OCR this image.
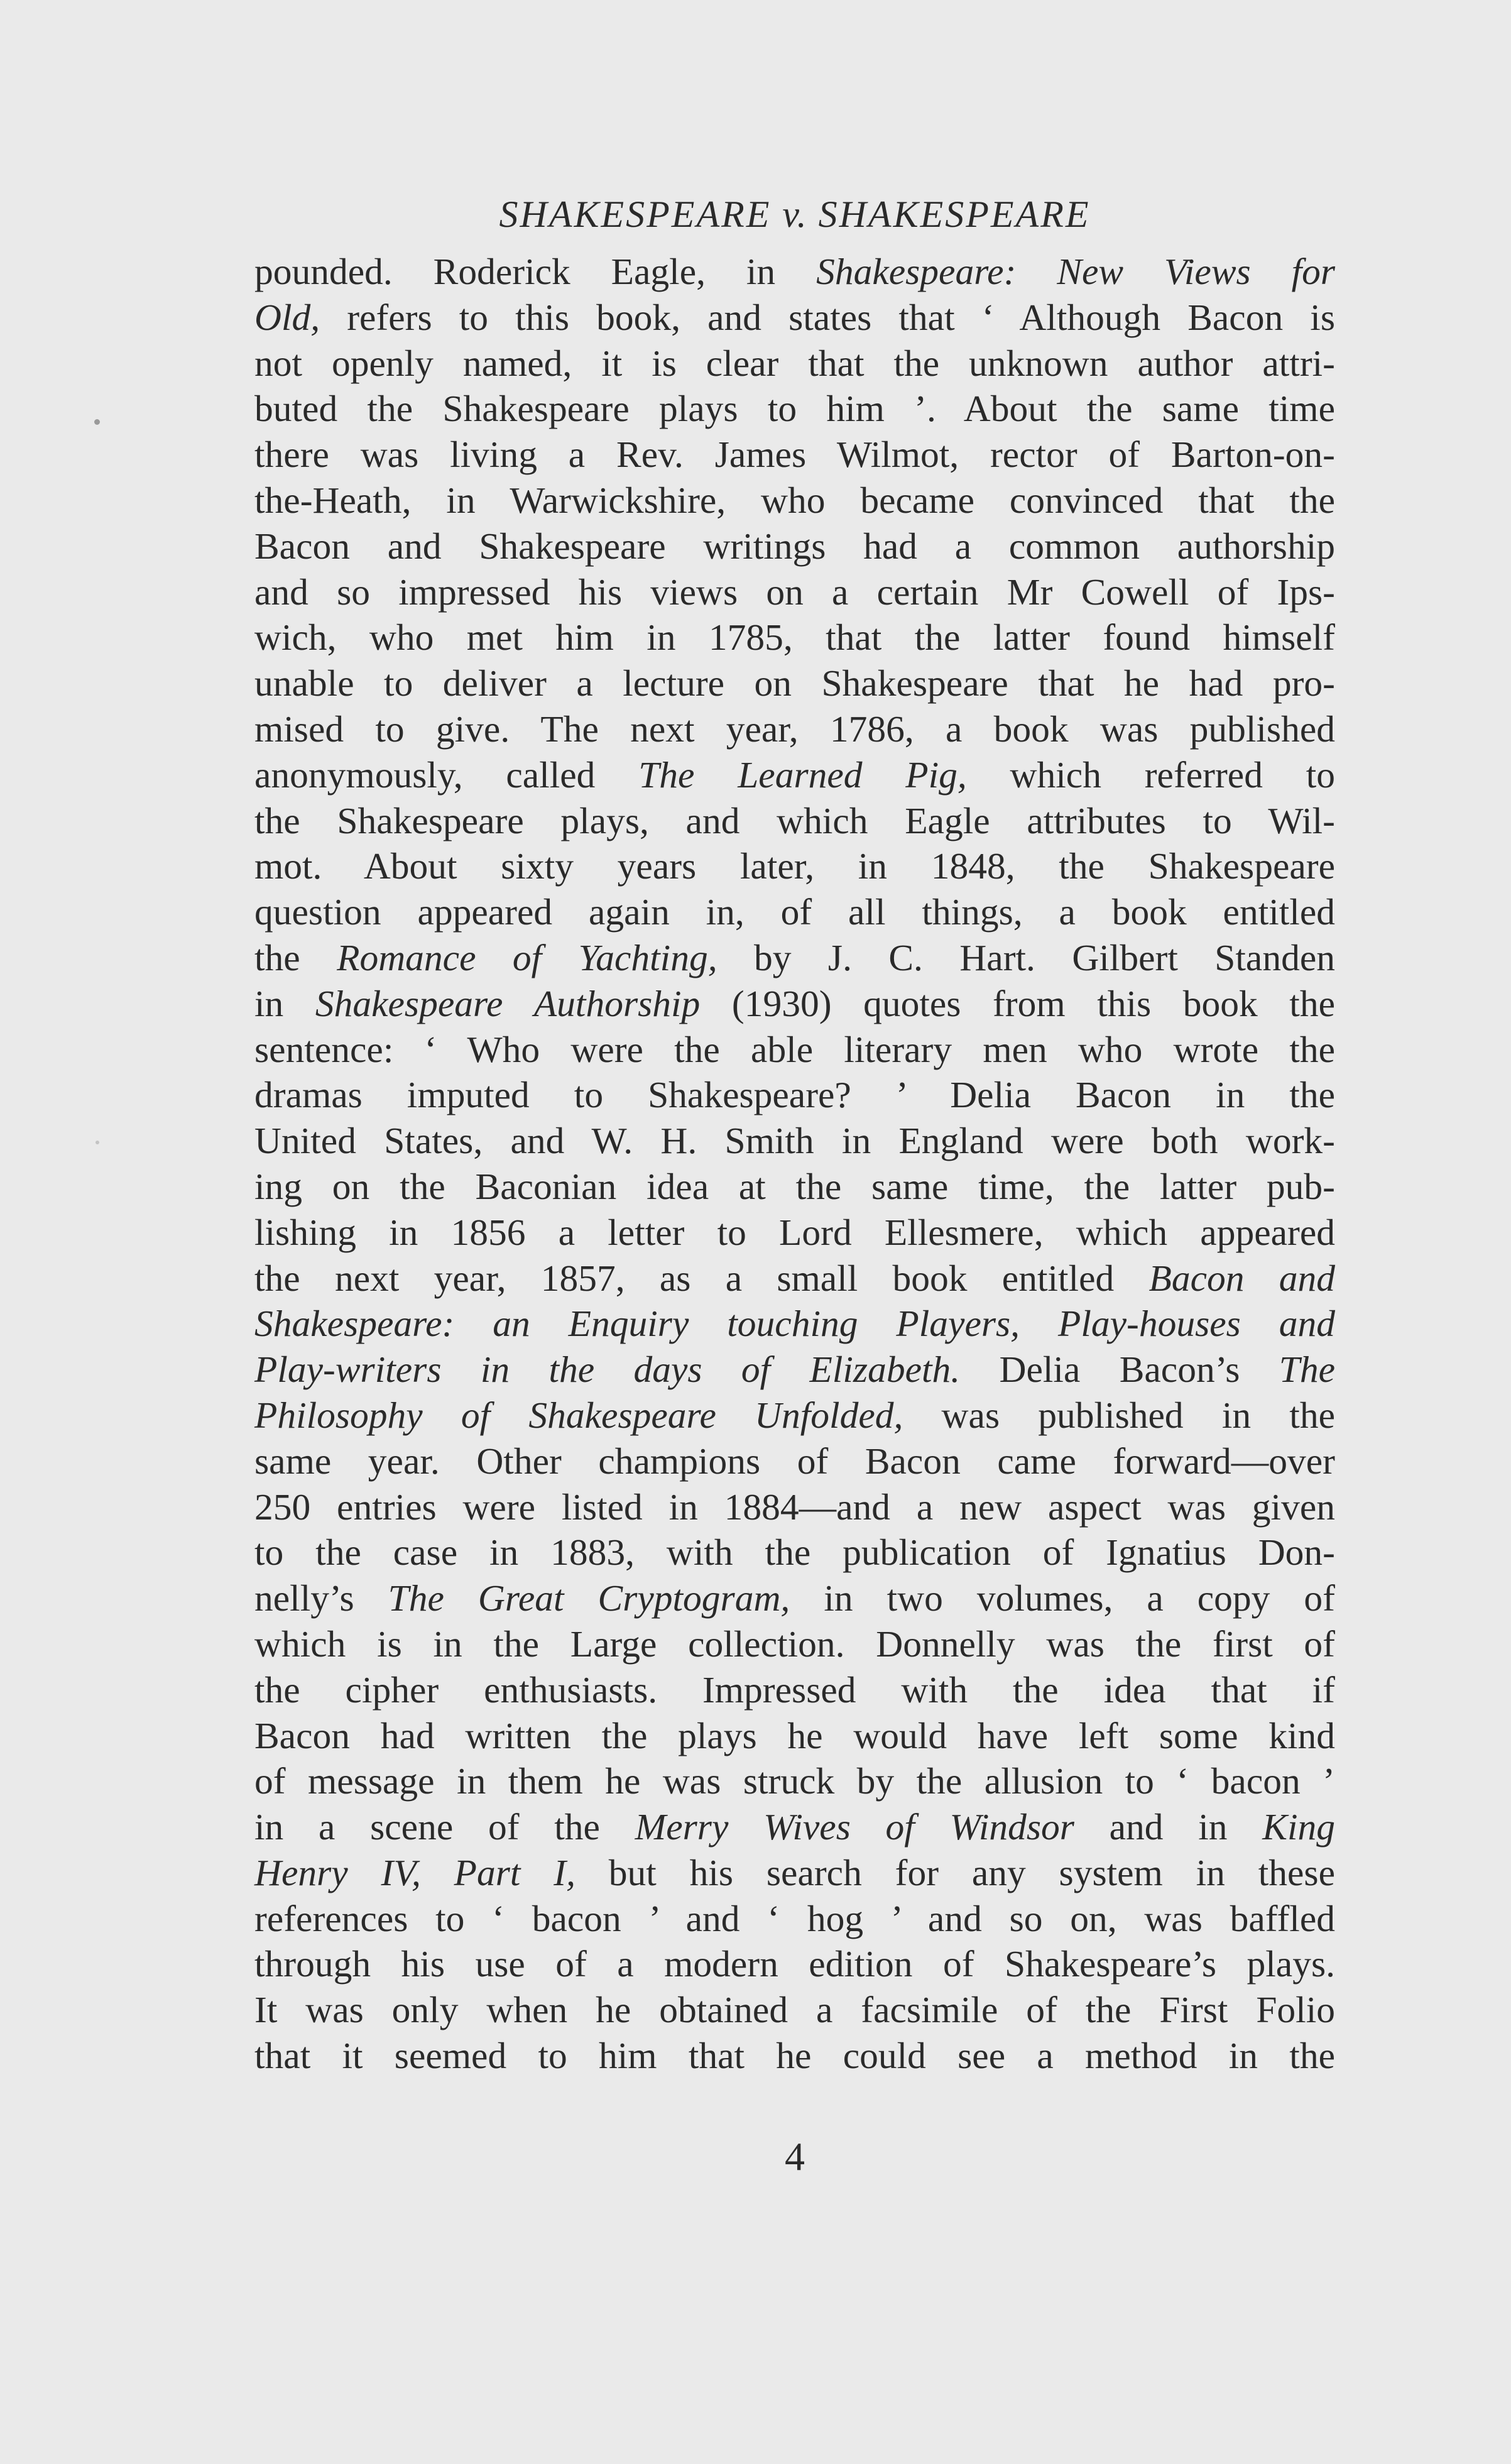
SHAKESPEARE v. SHAKESPEARE
pounded. Roderick Eagle, in Shakespeare: New Views for
Old, refers to this book, and states that ‘ Although Bacon is
not openly named, it is clear that the unknown author attri-
buted the Shakespeare plays to him ’. About the same time
there was living a Rev. James Wilmot, rector of Barton-on-
the-Heath, in Warwickshire, who became convinced that the
Bacon and Shakespeare writings had a common authorship
and so impressed his views on a certain Mr Cowell of Ips-
wich, who met him in 1785, that the latter found himself
unable to deliver a lecture on Shakespeare that he had pro-
mised to give. The next year, 1786, a book was published
anonymously, called The Learned Pig, which referred to
the Shakespeare plays, and which Eagle attributes to Wil-
mot. About sixty years later, in 1848, the Shakespeare
question appeared again in, of all things, a book entitled
the Romance of Yachting, by J. C. Hart. Gilbert Standen
in Shakespeare Authorship (1930) quotes from this book the
sentence: ‘ Who were the able literary men who wrote the
dramas imputed to Shakespeare? ’ Delia Bacon in the
United States, and W. H. Smith in England were both work-
ing on the Baconian idea at the same time, the latter pub-
lishing in 1856 a letter to Lord Ellesmere, which appeared
the next year, 1857, as a small book entitled Bacon and
Shakespeare: an Enquiry touching Players, Play-houses and
Play-writers in the days of Elizabeth. Delia Bacon’s The
Philosophy of Shakespeare Unfolded, was published in the
same year. Other champions of Bacon came forward—over
250 entries were listed in 1884—and a new aspect was given
to the case in 1883, with the publication of Ignatius Don-
nelly’s The Great Cryptogram, in two volumes, a copy of
which is in the Large collection. Donnelly was the first of
the cipher enthusiasts. Impressed with the idea that if
Bacon had written the plays he would have left some kind
of message in them he was struck by the allusion to ‘ bacon ’
in a scene of the Merry Wives of Windsor and in King
Henry IV, Part I, but his search for any system in these
references to ‘ bacon ’ and ‘ hog ’ and so on, was baffled
through his use of a modern edition of Shakespeare’s plays.
It was only when he obtained a facsimile of the First Folio
that it seemed to him that he could see a method in the
4
